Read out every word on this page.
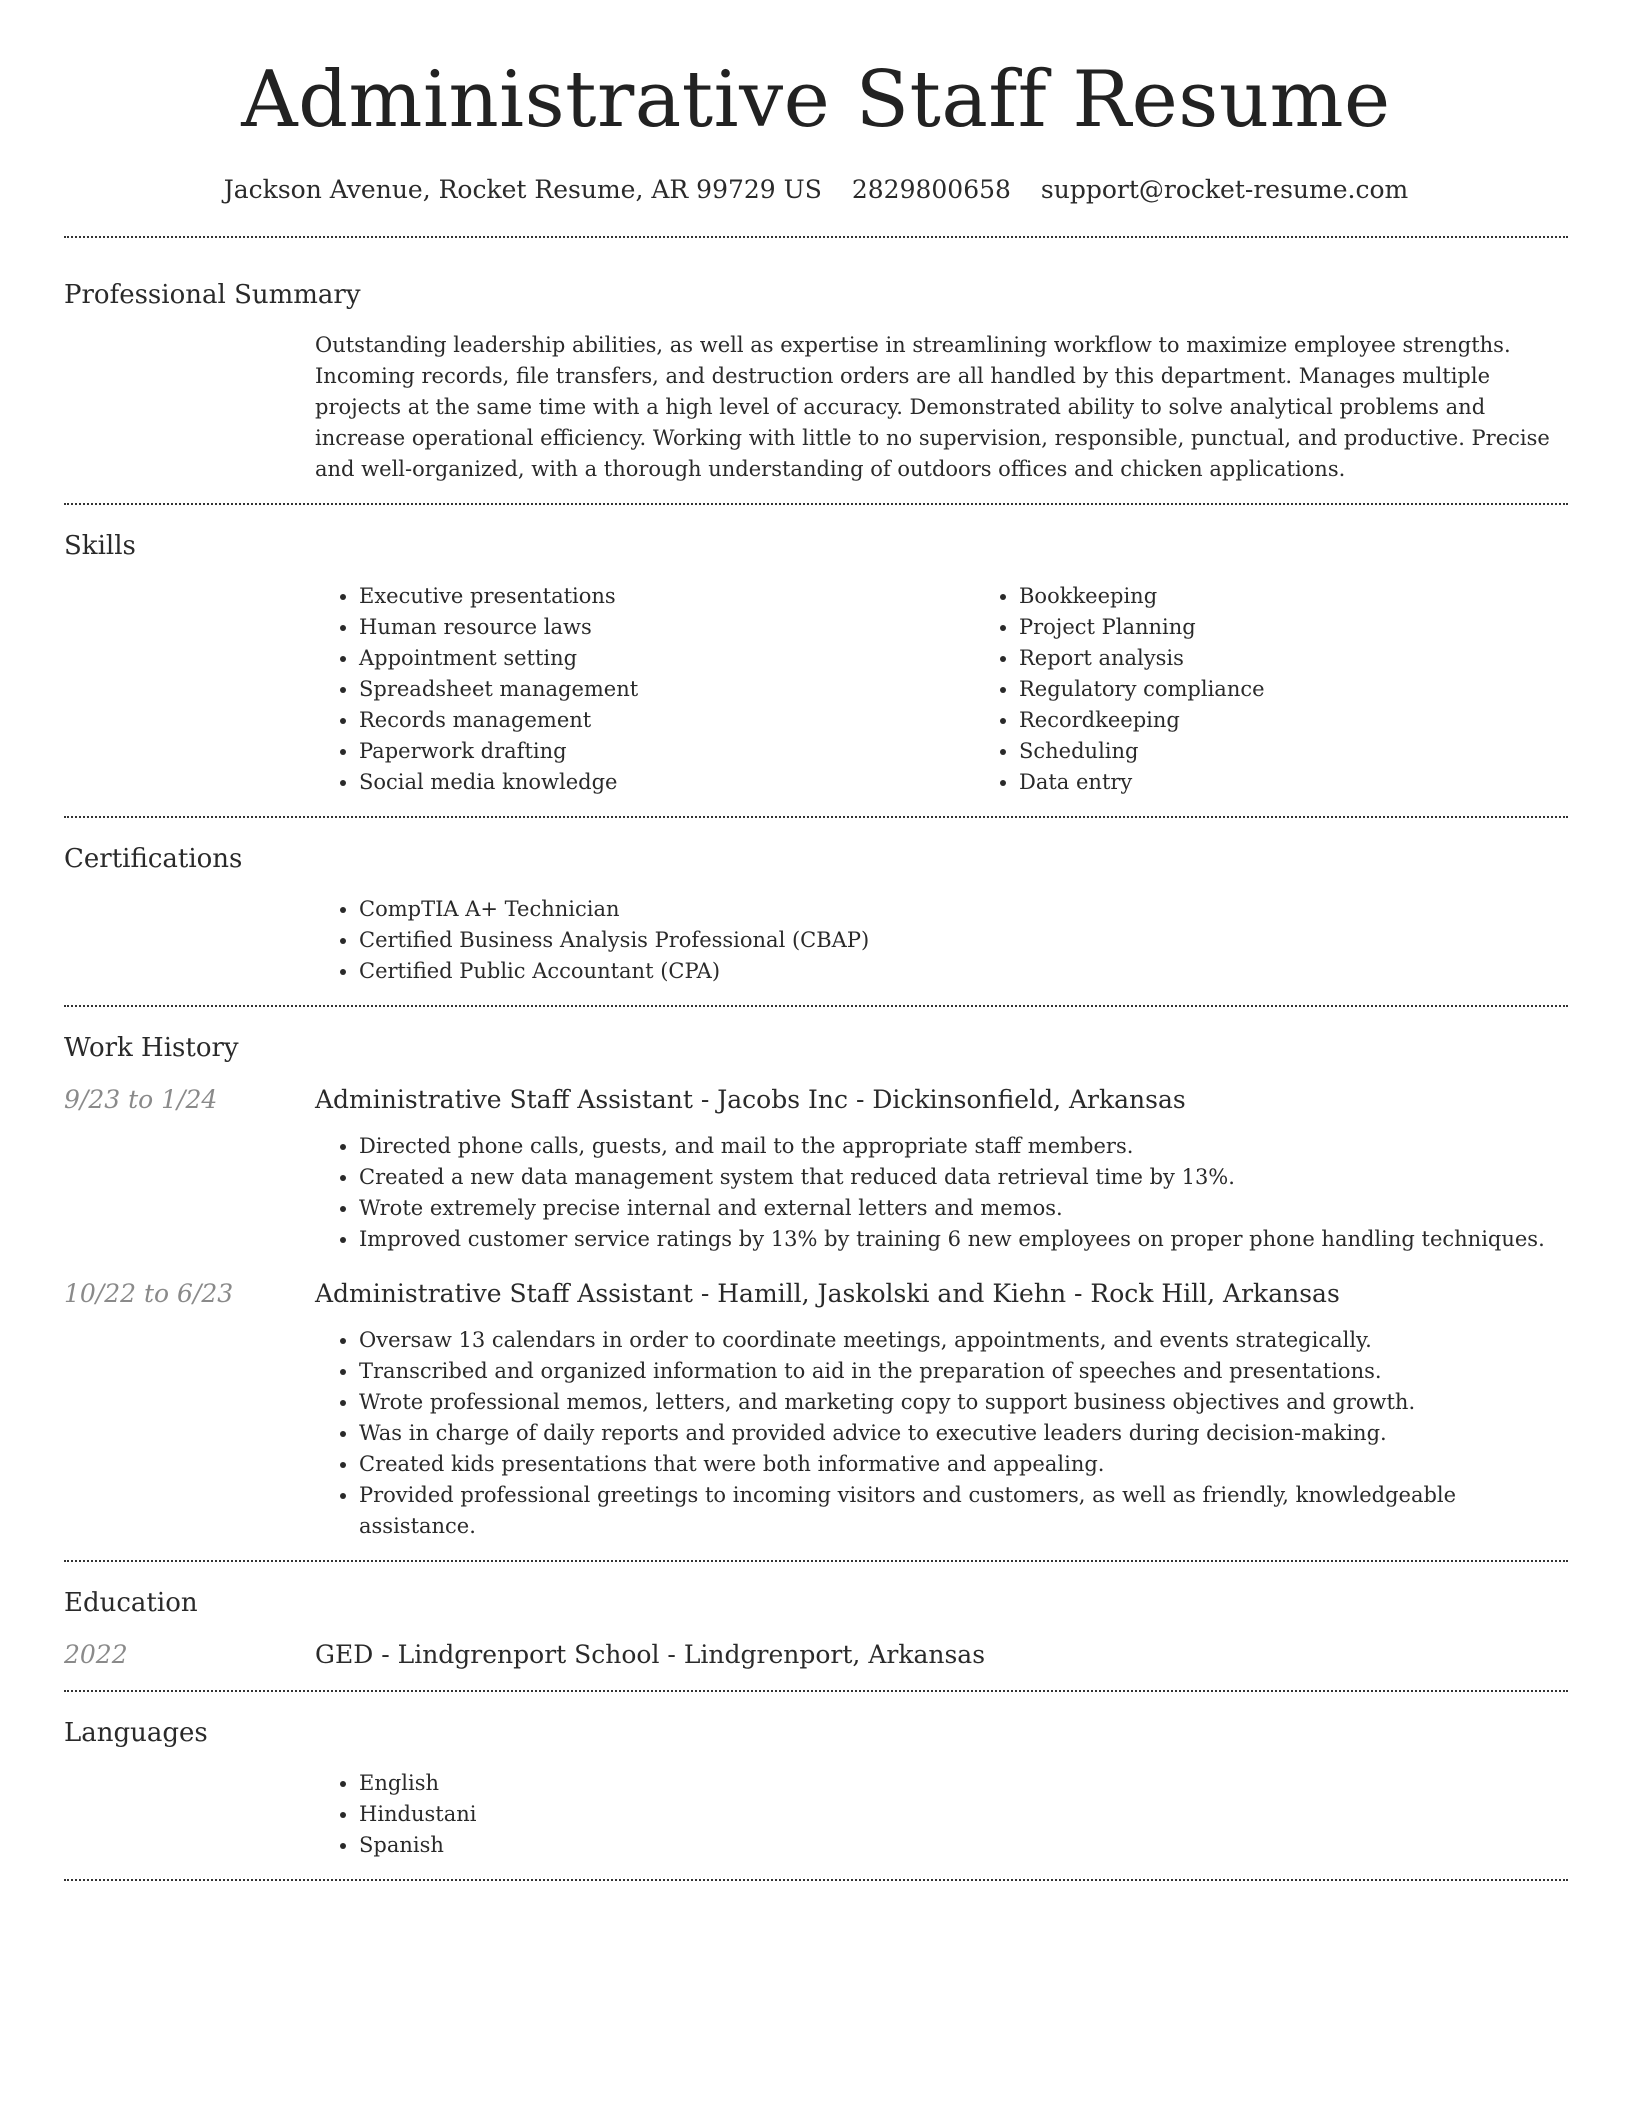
Administrative Staff Resume
Jackson Avenue, Rocket Resume, AR 99729 US 2829800658 support@rocket-resume.com
Professional Summary

Outstanding leadership abilities, as well as expertise in streamlining workflow to maximize employee strengths. Incoming records, file transfers, and destruction orders are all handled by this department. Manages multiple projects at the same time with a high level of accuracy. Demonstrated ability to solve analytical problems and increase operational efficiency. Working with little to no supervision, responsible, punctual, and productive. Precise and well-organized, with a thorough understanding of outdoors offices and chicken applications.

Skills
• Executive presentations
• Human resource laws
• Appointment setting
• Spreadsheet management
• Records management
• Paperwork drafting
• Social media knowledge
• Bookkeeping
• Project Planning
• Report analysis
• Regulatory compliance
• Recordkeeping
• Scheduling
• Data entry
Certifications
• CompTIA A+ Technician
• Certified Business Analysis Professional (CBAP)
• Certified Public Accountant (CPA)
Work History
9/23 to 1/24	Administrative Staff Assistant - Jacobs Inc - Dickinsonfield, Arkansas
• Directed phone calls, guests, and mail to the appropriate staff members.
• Created a new data management system that reduced data retrieval time by 13%.
• Wrote extremely precise internal and external letters and memos.
• Improved customer service ratings by 13% by training 6 new employees on proper phone handling techniques.
10/22 to 6/23	Administrative Staff Assistant - Hamill, Jaskolski and Kiehn - Rock Hill, Arkansas
• Oversaw 13 calendars in order to coordinate meetings, appointments, and events strategically.
• Transcribed and organized information to aid in the preparation of speeches and presentations.
• Wrote professional memos, letters, and marketing copy to support business objectives and growth.
• Was in charge of daily reports and provided advice to executive leaders during decision-making.
• Created kids presentations that were both informative and appealing.
• Provided professional greetings to incoming visitors and customers, as well as friendly, knowledgeable assistance.
Education
2022	GED - Lindgrenport School - Lindgrenport, Arkansas
Languages
• English
• Hindustani
• Spanish
